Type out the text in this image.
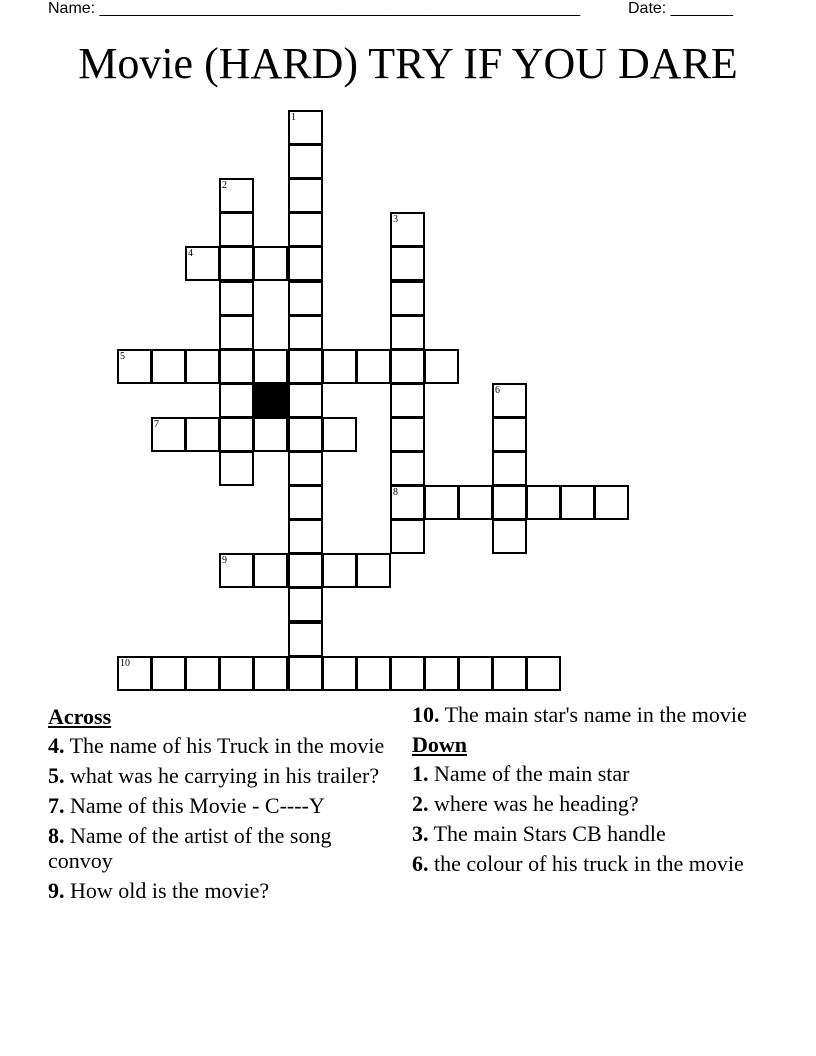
Name: ______________________________________________________	Date: _______
Movie (HARD) TRY IF YOU DARE
1
2
3
8
4
5
6
7
9
10
Across
4. The name of his Truck in the movie
5. what was he carrying in his trailer?
7. Name of this Movie - C----Y
8. Name of the artist of the song convoy
9. How old is the movie?
10. The main star's name in the movie
Down
1. Name of the main star
2. where was he heading?
3. The main Stars CB handle
6. the colour of his truck in the movie
